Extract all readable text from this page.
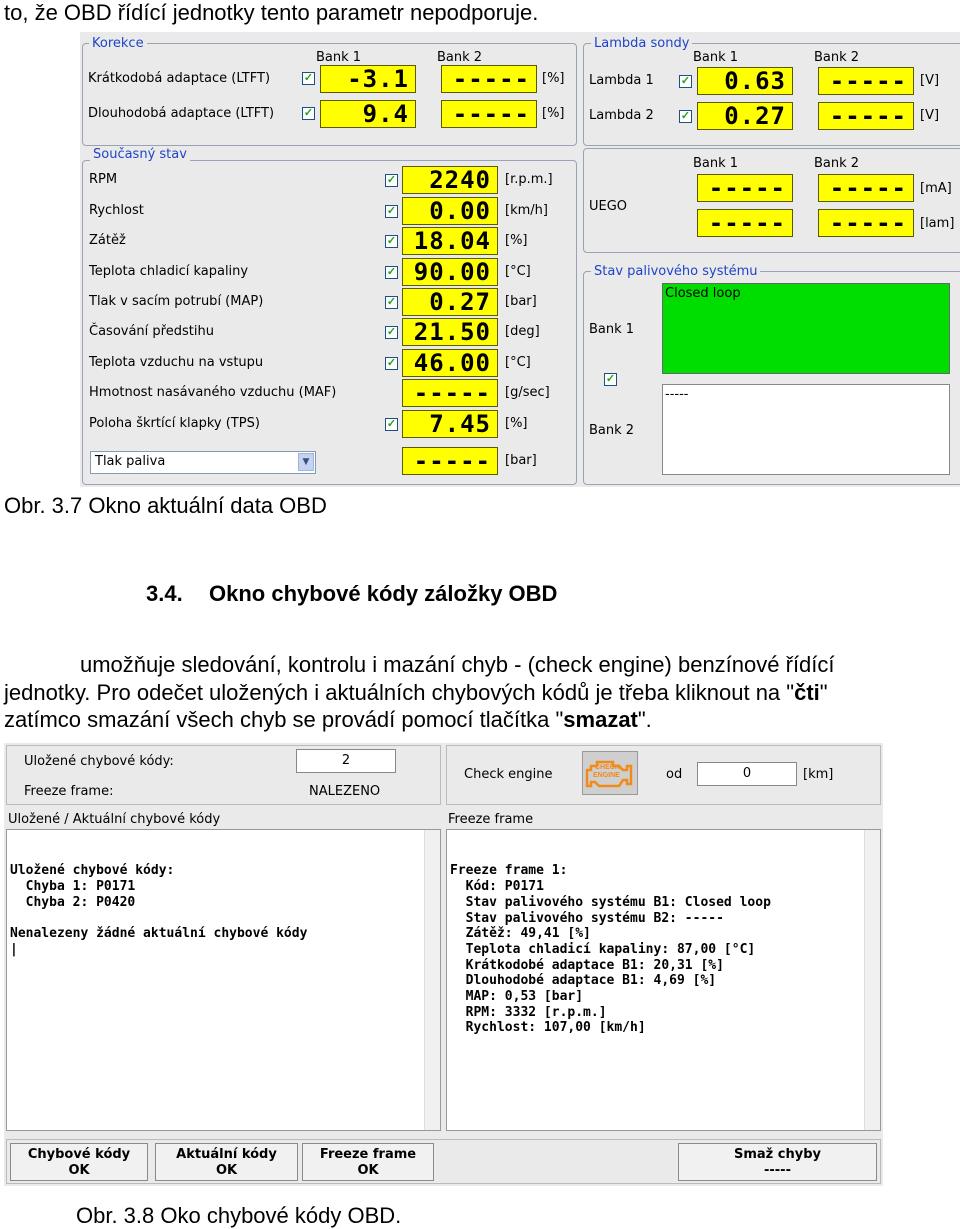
to, že OBD řídící jednotky tento parametr nepodporuje.
Korekce
Bank 1	Bank 2
Krátkodobá adaptace (LTFT)	✓	-3.1	----- [%]
Dlouhodobá adaptace (LTFT)	✓	9.4	----- [%]
Současný stav
RPM	✓	2240	[r.p.m.]
Rychlost	✓	0.00	[km/h]
Zátěž	✓ 18.04	[%]
Teplota chladicí kapaliny	✓ 90.00	[°C]
Tlak v sacím potrubí (MAP)	✓	0.27	[bar]
Časování předstihu	✓ 21.50	[deg]
Teplota vzduchu na vstupu	✓ 46.00	[°C]
Hmotnost nasávaného vzduchu (MAF)	-----	[g/sec]
Poloha škrtící klapky (TPS)	✓	7.45	[%]
Tlak paliva	▼	-----	[bar]
Lambda sondy
Bank 1	Bank 2
Lambda 1 ✓	0.63	-----	[V]
Lambda 2 ✓	0.27	-----	[V]
Bank 1	Bank 2
UEGO
-----	-----	[mA]
-----	-----	[lam]
Stav palivového systému
Bank 1
✓
Bank 2
Closed loop
-----
Obr. 3.7 Okno aktuální data OBD
3.4. Okno chybové kódy záložky OBD
umožňuje sledování, kontrolu i mazání chyb - (check engine) benzínové řídící
jednotky. Pro odečet uložených i aktuálních chybových kódů je třeba kliknout na "čti"
zatímco smazání všech chyb se provádí pomocí tlačítka "smazat".
Uložené chybové kódy:	2
Freeze frame:	NALEZENO
Check engine	CHECK
ENGINE	od	0	[km]
Uložené / Aktuální chybové kódy

Uložené chybové kódy:
Chyba 1: P0171
Chyba 2: P0420

Nenalezeny žádné aktuální chybové kódy
|

Freeze frame

Freeze frame 1:
Kód: P0171
Stav palivového systému B1: Closed loop
Stav palivového systému B2: -----
Zátěž: 49,41 [%]
Teplota chladicí kapaliny: 87,00 [°C]
Krátkodobé adaptace B1: 20,31 [%]
Dlouhodobé adaptace B1: 4,69 [%]
MAP: 0,53 [bar]
RPM: 3332 [r.p.m.]
Rychlost: 107,00 [km/h]

Chybové kódy
OK
Aktuální kódy
OK
Freeze frame
OK
Smaž chyby
-----
Obr. 3.8 Oko chybové kódy OBD.
